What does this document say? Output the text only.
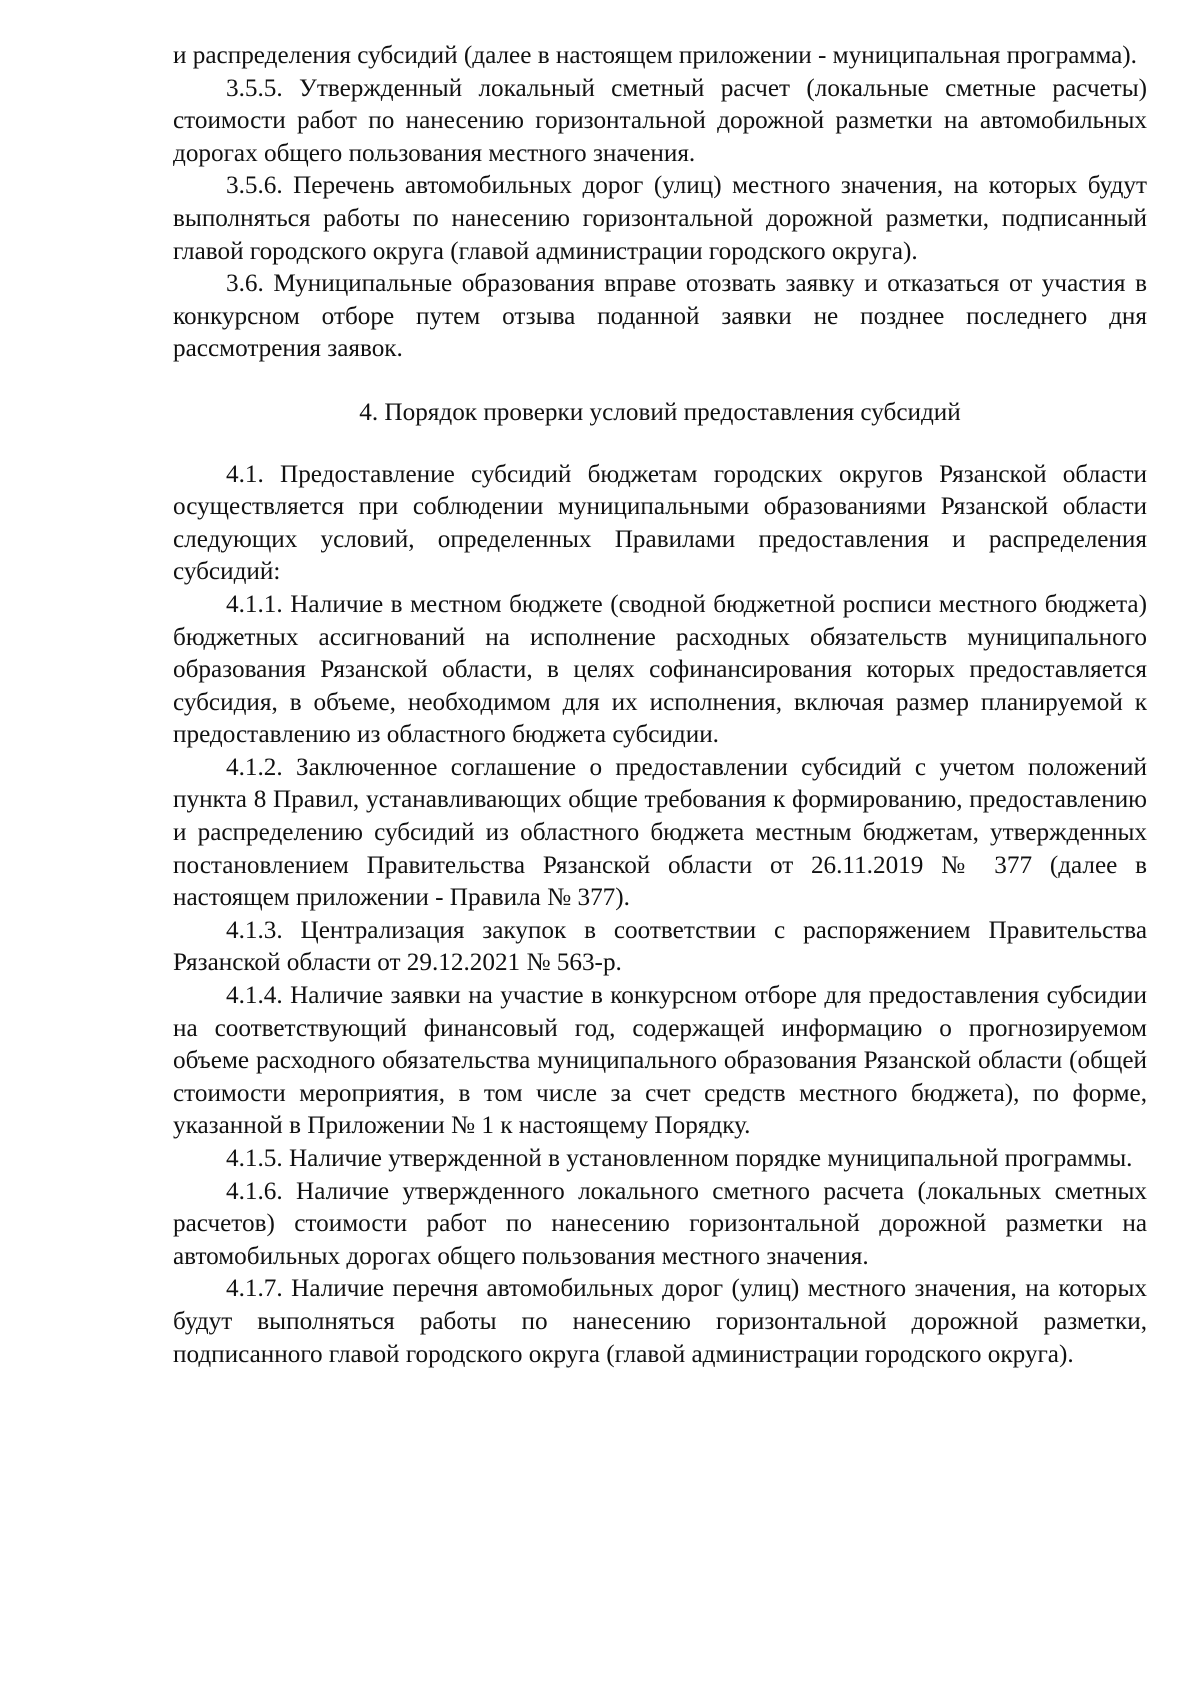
и распределения субсидий (далее в настоящем приложении - муниципальная программа).

3.5.5. Утвержденный локальный сметный расчет (локальные сметные расчеты) стоимости работ по нанесению горизонтальной дорожной разметки на автомобильных дорогах общего пользования местного значения.

3.5.6. Перечень автомобильных дорог (улиц) местного значения, на которых будут выполняться работы по нанесению горизонтальной дорожной разметки, подписанный главой городского округа (главой администрации городского округа).

3.6. Муниципальные образования вправе отозвать заявку и отказаться от участия в конкурсном отборе путем отзыва поданной заявки не позднее последнего дня рассмотрения заявок.

4. Порядок проверки условий предоставления субсидий

4.1. Предоставление субсидий бюджетам городских округов Рязанской области осуществляется при соблюдении муниципальными образованиями Рязанской области следующих условий, определенных Правилами предоставления и распределения субсидий:

4.1.1. Наличие в местном бюджете (сводной бюджетной росписи местного бюджета) бюджетных ассигнований на исполнение расходных обязательств муниципального образования Рязанской области, в целях софинансирования которых предоставляется субсидия, в объеме, необходимом для их исполнения, включая размер планируемой к предоставлению из областного бюджета субсидии.

4.1.2. Заключенное соглашение о предоставлении субсидий с учетом положений пункта 8 Правил, устанавливающих общие требования к формированию, предоставлению и распределению субсидий из областного бюджета местным бюджетам, утвержденных постановлением Правительства Рязанской области от 26.11.2019 № 377 (далее в настоящем приложении - Правила № 377).

4.1.3. Централизация закупок в соответствии с распоряжением Правительства Рязанской области от 29.12.2021 № 563-р.

4.1.4. Наличие заявки на участие в конкурсном отборе для предоставления субсидии на соответствующий финансовый год, содержащей информацию о прогнозируемом объеме расходного обязательства муниципального образования Рязанской области (общей стоимости мероприятия, в том числе за счет средств местного бюджета), по форме, указанной в Приложении № 1 к настоящему Порядку.

4.1.5. Наличие утвержденной в установленном порядке муниципальной программы.

4.1.6. Наличие утвержденного локального сметного расчета (локальных сметных расчетов) стоимости работ по нанесению горизонтальной дорожной разметки на автомобильных дорогах общего пользования местного значения.

4.1.7. Наличие перечня автомобильных дорог (улиц) местного значения, на которых будут выполняться работы по нанесению горизонтальной дорожной разметки, подписанного главой городского округа (главой администрации городского округа).
